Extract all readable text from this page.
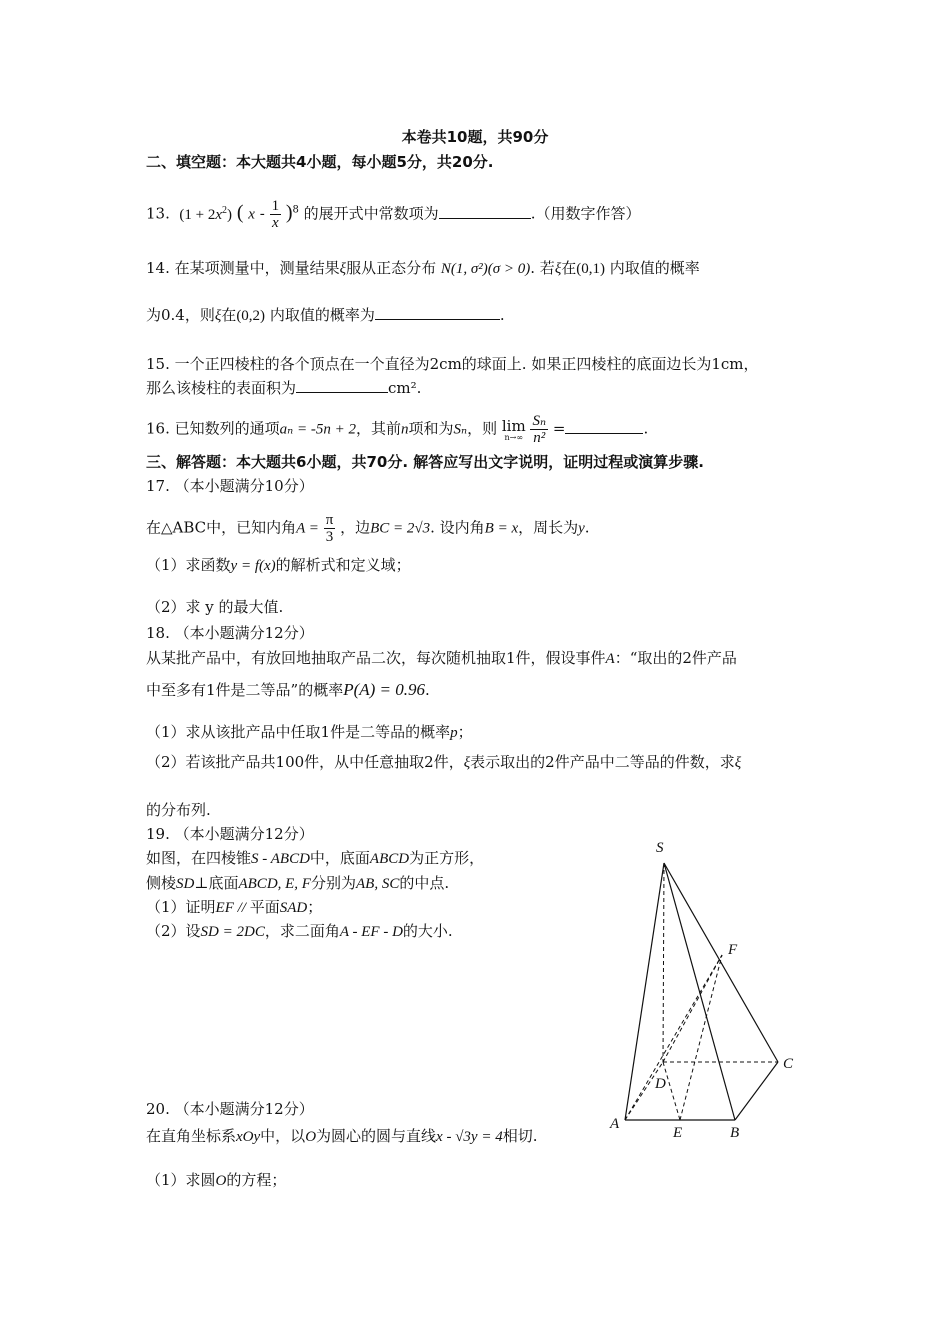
本卷共10题，共90分
二、填空题：本大题共4小题，每小题5分，共20分.
13. $(1 + 2x^2)$ ( x - $\frac{1}{x} )^8$ 的展开式中常数项为	.（用数字作答）
14. 在某项测量中，测量结果ξ服从正态分布 N(1, σ²)(σ > 0). 若ξ在(0,1) 内取值的概率
为0.4，则ξ在(0,2) 内取值的概率为	.
15. 一个正四棱柱的各个顶点在一个直径为2cm的球面上. 如果正四棱柱的底面边长为1cm，
那么该棱柱的表面积为	cm².
16. 已知数列的通项aₙ = -5n + 2，其前n项和为Sₙ，则 lim
n→∞
$\frac{\text{Sₙ}}{\text{n²}}$ =	.
三、解答题：本大题共6小题，共70分. 解答应写出文字说明，证明过程或演算步骤.
17. （本小题满分10分）
在△ABC中，已知内角$A = \frac{\pi}{3}$ ，边BC = 2√3. 设内角B = x，周长为y.
（1）求函数y = f(x)的解析式和定义域；
（2）求 y 的最大值.
18. （本小题满分12分）
从某批产品中，有放回地抽取产品二次，每次随机抽取1件，假设事件A：“取出的2件产品
中至多有1件是二等品”的概率P(A) = 0.96.
（1）求从该批产品中任取1件是二等品的概率p；
（2）若该批产品共100件，从中任意抽取2件，ξ表示取出的2件产品中二等品的件数，求ξ
的分布列.
19. （本小题满分12分）
如图，在四棱锥S - ABCD中，底面ABCD为正方形，
侧棱SD⊥底面ABCD, E, F分别为AB, SC的中点.
（1）证明EF // 平面SAD；
（2）设SD = 2DC，求二面角A - EF - D的大小.
S
F
C
D
A
E	B
20. （本小题满分12分）
在直角坐标系xOy中，以O为圆心的圆与直线x - √3y = 4相切.
（1）求圆O的方程；
